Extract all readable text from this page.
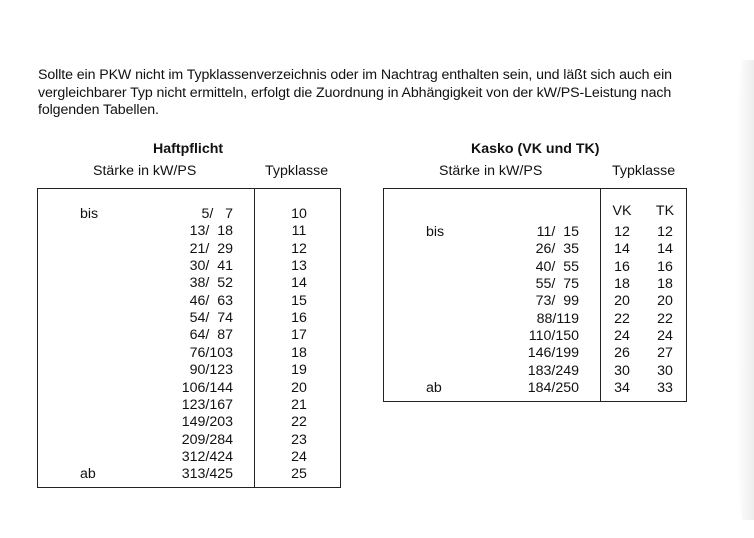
Sollte ein PKW nicht im Typklassenverzeichnis oder im Nachtrag enthalten sein, und läßt sich auch ein
vergleichbarer Typ nicht ermitteln, erfolgt die Zuordnung in Abhängigkeit von der kW/PS-Leistung nach
folgenden Tabellen.
Haftpflicht
Stärke in kW/PS	Typklasse
bis	5/   7	10
13/  18	11
21/  29	12
30/  41	13
38/  52	14
46/  63	15
54/  74	16
64/  87	17
76/103	18
90/123	19
106/144	20
123/167	21
149/203	22
209/284	23
312/424	24
ab	313/425	25
Kasko (VK und TK)
Stärke in kW/PS	Typklasse
VK	TK
bis	11/  15	12	12
26/  35	14	14
40/  55	16	16
55/  75	18	18
73/  99	20	20
88/119	22	22
110/150	24	24
146/199	26	27
183/249	30	30
ab	184/250	34	33
